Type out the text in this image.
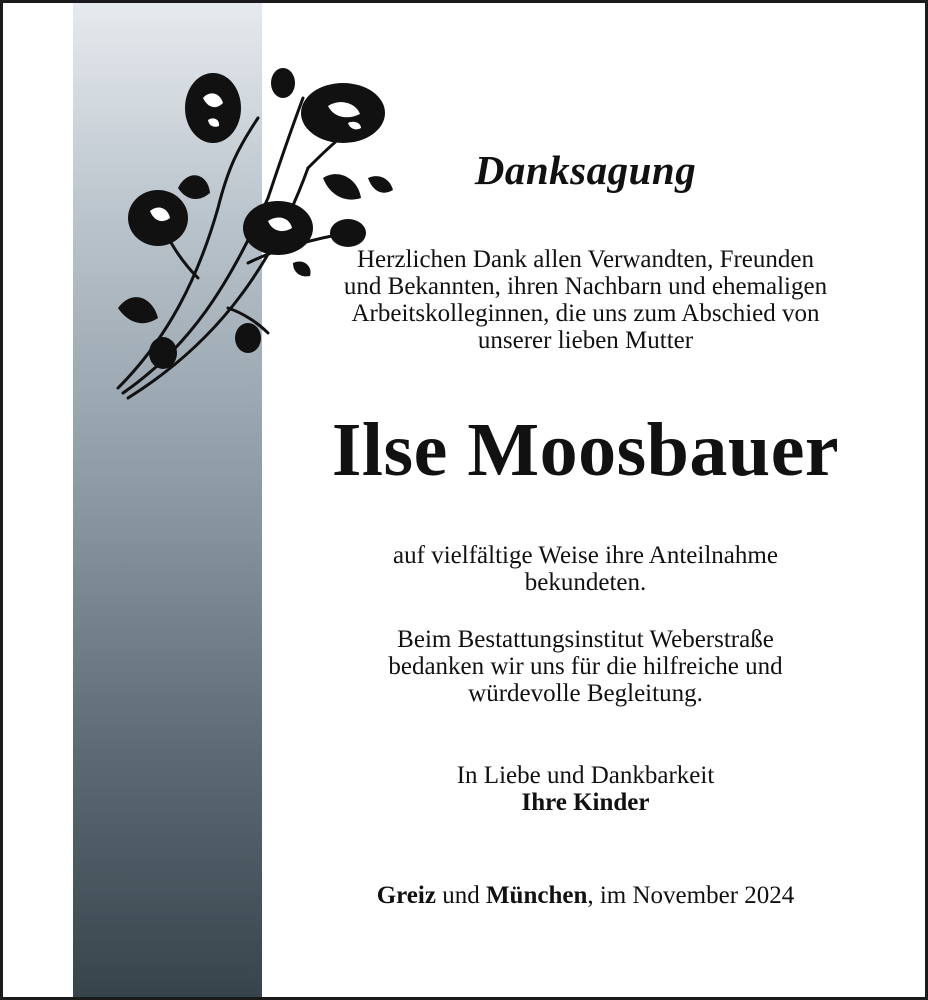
Danksagung
Herzlichen Dank allen Verwandten, Freunden
und Bekannten, ihren Nachbarn und ehemaligen
Arbeitskolleginnen, die uns zum Abschied von
unserer lieben Mutter
Ilse Moosbauer
auf vielfältige Weise ihre Anteilnahme
bekundeten.
Beim Bestattungsinstitut Weberstraße
bedanken wir uns für die hilfreiche und
würdevolle Begleitung.
In Liebe und Dankbarkeit
Ihre Kinder
Greiz und München, im November 2024
